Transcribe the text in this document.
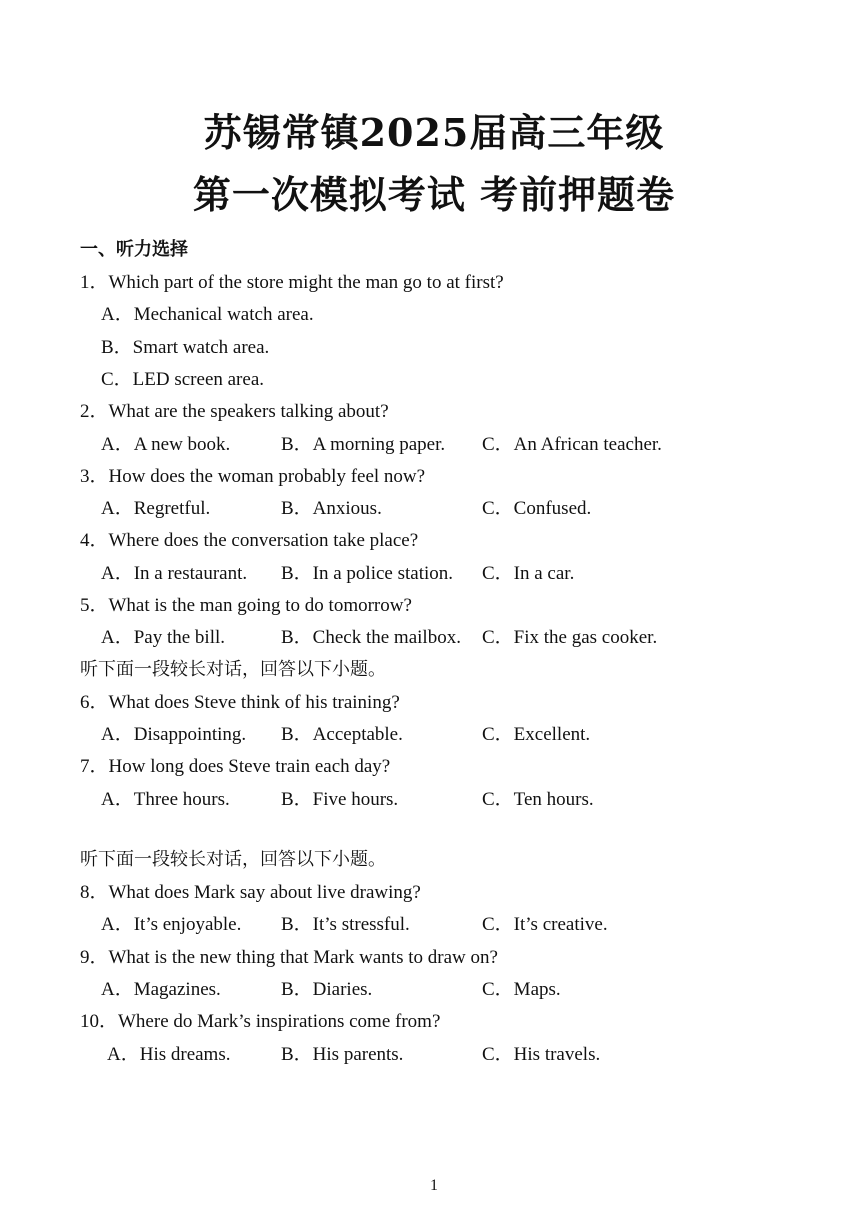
苏锡常镇2025届高三年级
第一次模拟考试 考前押题卷
一、听力选择
1．Which part of the store might the man go to at first?
A．Mechanical watch area.
B．Smart watch area.
C．LED screen area.
2．What are the speakers talking about?
A．A new book.	B．A morning paper. C．An African teacher.
3．How does the woman probably feel now?
A．Regretful.	B．Anxious.	C．Confused.
4．Where does the conversation take place?
A．In a restaurant. B．In a police station. C．In a car.
5．What is the man going to do tomorrow?
A．Pay the bill.	B．Check the mailbox. C．Fix the gas cooker.
听下面一段较长对话，回答以下小题。
6．What does Steve think of his training?
A．Disappointing. B．Acceptable.	C．Excellent.
7．How long does Steve train each day?
A．Three hours.	B．Five hours.	C．Ten hours.
听下面一段较长对话，回答以下小题。
8．What does Mark say about live drawing?
A．It’s enjoyable. B．It’s stressful.	C．It’s creative.
9．What is the new thing that Mark wants to draw on?
A．Magazines.	B．Diaries.	C．Maps.
10．Where do Mark’s inspirations come from?
A．His dreams.	B．His parents.	C．His travels.
1
